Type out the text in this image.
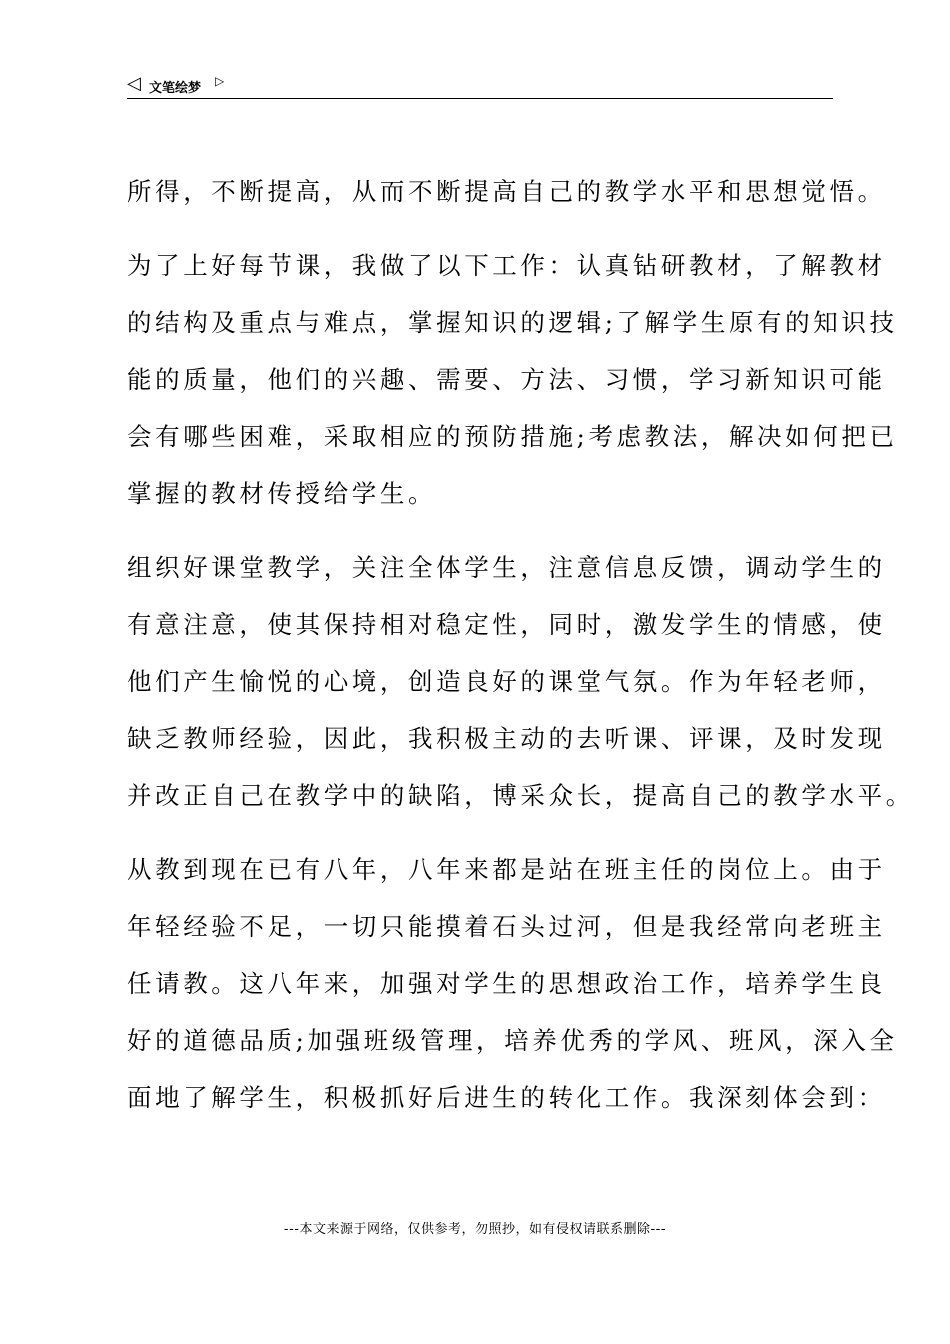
◁ 文笔绘梦 ▷

所得，不断提高，从而不断提高自己的教学水平和思想觉悟。

为了上好每节课，我做了以下工作：认真钻研教材，了解教材
的结构及重点与难点，掌握知识的逻辑;了解学生原有的知识技
能的质量，他们的兴趣、需要、方法、习惯，学习新知识可能
会有哪些困难，采取相应的预防措施;考虑教法，解决如何把已
掌握的教材传授给学生。

组织好课堂教学，关注全体学生，注意信息反馈，调动学生的
有意注意，使其保持相对稳定性，同时，激发学生的情感，使
他们产生愉悦的心境，创造良好的课堂气氛。作为年轻老师，
缺乏教师经验，因此，我积极主动的去听课、评课，及时发现
并改正自己在教学中的缺陷，博采众长，提高自己的教学水平。

从教到现在已有八年，八年来都是站在班主任的岗位上。由于
年轻经验不足，一切只能摸着石头过河，但是我经常向老班主
任请教。这八年来，加强对学生的思想政治工作，培养学生良
好的道德品质;加强班级管理，培养优秀的学风、班风，深入全
面地了解学生，积极抓好后进生的转化工作。我深刻体会到：

---本文来源于网络，仅供参考，勿照抄，如有侵权请联系删除---
